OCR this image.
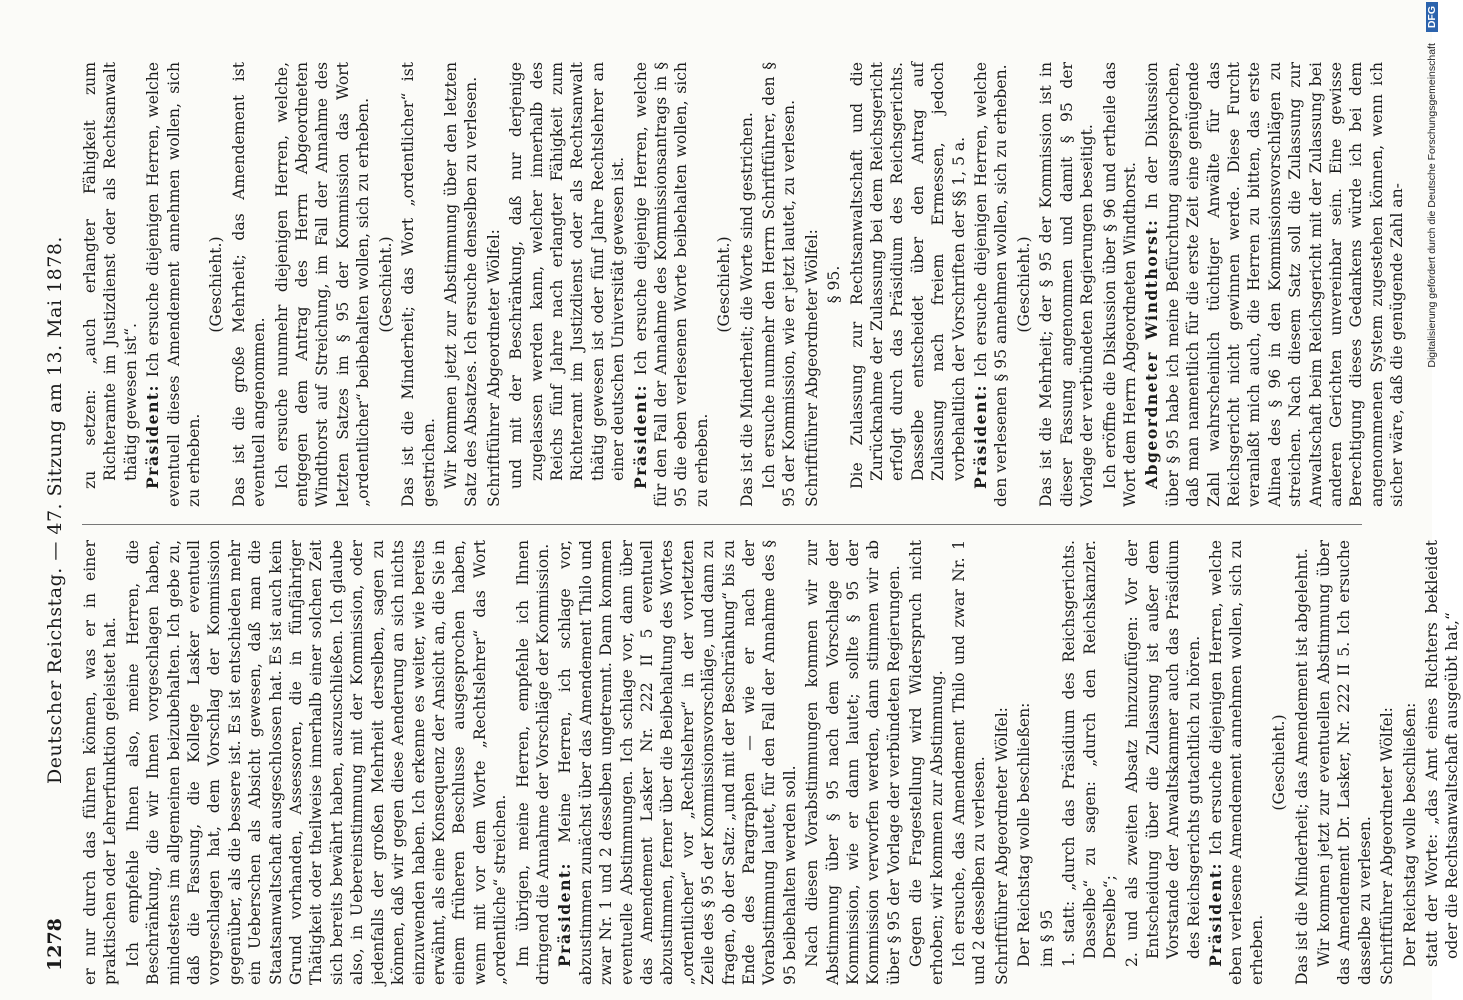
1278
Deutscher Reichstag. — 47. Sitzung am 13. Mai 1878. er nur durch das führen können, was er in einer praktischen oder Lehrerfunktion geleistet hat. Ich empfehle Ihnen also, meine Herren, die Beschränkung, die wir Ihnen vorgeschlagen haben, mindestens im allgemeinen beizubehalten. Ich gebe zu, daß die Fassung, die Kollege Lasker eventuell vorgeschlagen hat, dem Vorschlag der Kommission gegenüber, als die bessere ist. Es ist entschieden mehr ein Ueberschen als Absicht gewesen, daß man die Staatsanwaltschaft ausgeschlossen hat. Es ist auch kein Grund vorhanden, Assessoren, die in fünfjähriger Thätigkeit oder theilweise innerhalb einer solchen Zeit sich bereits bewährt haben, auszuschließen. Ich glaube also, in Uebereinstimmung mit der Kommission, oder jedenfalls der großen Mehrheit derselben, sagen zu können, daß wir gegen diese Aenderung an sich nichts einzuwenden haben. Ich erkenne es weiter, wie bereits erwähnt, als eine Konsequenz der Ansicht an, die Sie in einem früheren Beschlusse ausgesprochen haben, wenn mit vor dem Worte „Rechtslehrer“ das Wort „ordentliche“ streichen. Im übrigen, meine Herren, empfehle ich Ihnen dringend die Annahme der Vorschläge der Kommission. Präsident: Meine Herren, ich schlage vor, abzustimmen zunächst über das Amendement Thilo und zwar Nr. 1 und 2 desselben ungetrennt. Dann kommen eventuelle Abstimmungen. Ich schlage vor, dann über das Amendement Lasker Nr. 222 II 5 eventuell abzustimmen, ferner über die Beibehaltung des Wortes „ordentlicher“ vor „Rechtslehrer“ in der vorletzten Zeile des § 95 der Kommissionsvorschläge, und dann zu fragen, ob der Satz: „und mit der Beschränkung“ bis zu Ende des Paragraphen — wie er nach der Vorabstimmung lautet, für den Fall der Annahme des § 95 beibehalten werden soll. Nach diesen Vorabstimmungen kommen wir zur Abstimmung über § 95 nach dem Vorschlage der Kommission, wie er dann lautet; sollte § 95 der Kommission verworfen werden, dann stimmen wir ab über § 95 der Vorlage der verbündeten Regierungen. Gegen die Fragestellung wird Widerspruch nicht erhoben; wir kommen zur Abstimmung. Ich ersuche, das Amendement Thilo und zwar Nr. 1 und 2 desselben zu verlesen. Schriftführer Abgeordneter Wölfel: Der Reichstag wolle beschließen: im § 95 1. statt: „durch das Präsidium des Reichsgerichts. Dasselbe“ zu sagen: „durch den Reichskanzler. Derselbe“; 2. und als zweiten Absatz hinzuzufügen: Vor der Entscheidung über die Zulassung ist außer dem Vorstande der Anwaltskammer auch das Präsidium des Reichsgerichts gutachtlich zu hören. Präsident: Ich ersuche diejenigen Herren, welche eben verlesene Amendement annehmen wollen, sich zu erheben.

(Geschieht.) Das ist die Minderheit; das Amendement ist abgelehnt. Wir kommen jetzt zur eventuellen Abstimmung über das Amendement Dr. Lasker, Nr. 222 II 5. Ich ersuche dasselbe zu verlesen. Schriftführer Abgeordneter Wölfel: Der Reichstag wolle beschließen: statt der Worte: „das Amt eines Richters bekleidet oder die Rechtsanwaltschaft ausgeübt hat,“

zu setzen: „auch erlangter Fähigkeit zum Richteramte im Justizdienst oder als Rechtsanwalt thätig gewesen ist“. Präsident: Ich ersuche diejenigen Herren, welche eventuell dieses Amendement annehmen wollen, sich zu erheben.

(Geschieht.) Das ist die große Mehrheit; das Amendement ist eventuell angenommen. Ich ersuche nunmehr diejenigen Herren, welche, entgegen dem Antrag des Herrn Abgeordneten Windthorst auf Streichung, im Fall der Annahme des letzten Satzes im § 95 der Kommission das Wort „ordentlicher“ beibehalten wollen, sich zu erheben. (Geschieht.) Das ist die Minderheit; das Wort „ordentlicher“ ist gestrichen. Wir kommen jetzt zur Abstimmung über den letzten Satz des Absatzes. Ich ersuche denselben zu verlesen. Schriftführer Abgeordneter Wölfel: und mit der Beschränkung, daß nur derjenige zugelassen werden kann, welcher innerhalb des Reichs fünf Jahre nach erlangter Fähigkeit zum Richteramt im Justizdienst oder als Rechtsanwalt thätig gewesen ist oder fünf Jahre Rechtslehrer an einer deutschen Universität gewesen ist. Präsident: Ich ersuche diejenige Herren, welche für den Fall der Annahme des Kommissionsantrags in § 95 die eben verlesenen Worte beibehalten wollen, sich zu erheben.

(Geschieht.) Das ist die Minderheit; die Worte sind gestrichen. Ich ersuche nunmehr den Herrn Schriftführer, den § 95 der Kommission, wie er jetzt lautet, zu verlesen. Schriftführer Abgeordneter Wölfel: § 95. Die Zulassung zur Rechtsanwaltschaft und die Zurücknahme der Zulassung bei dem Reichsgericht erfolgt durch das Präsidium des Reichsgerichts. Dasselbe entscheidet über den Antrag auf Zulassung nach freiem Ermessen, jedoch vorbehaltlich der Vorschriften der §§ 1, 5 a. Präsident: Ich ersuche diejenigen Herren, welche den verlesenen § 95 annehmen wollen, sich zu erheben. (Geschieht.) Das ist die Mehrheit; der § 95 der Kommission ist in dieser Fassung angenommen und damit § 95 der Vorlage der verbündeten Regierungen beseitigt. Ich eröffne die Diskussion über § 96 und ertheile das Wort dem Herrn Abgeordneten Windthorst. Abgeordneter Windthorst: In der Diskussion über § 95 habe ich meine Befürchtung ausgesprochen, daß man namentlich für die erste Zeit eine genügende Zahl wahrscheinlich tüchtiger Anwälte für das Reichsgericht nicht gewinnen werde. Diese Furcht veranlaßt mich auch, die Herren zu bitten, das erste Alinea des § 96 in den Kommissionsvorschlägen zu streichen. Nach diesem Satz soll die Zulassung zur Anwaltschaft beim Reichsgericht mit der Zulassung bei anderen Gerichten unvereinbar sein. Eine gewisse Berechtigung dieses Gedankens würde ich bei dem angenommenen System zugestehen können, wenn ich sicher wäre, daß die genügende Zahl an- Digitalisierung gefördert durch die Deutsche Forschungsgemeinschaft DFG
